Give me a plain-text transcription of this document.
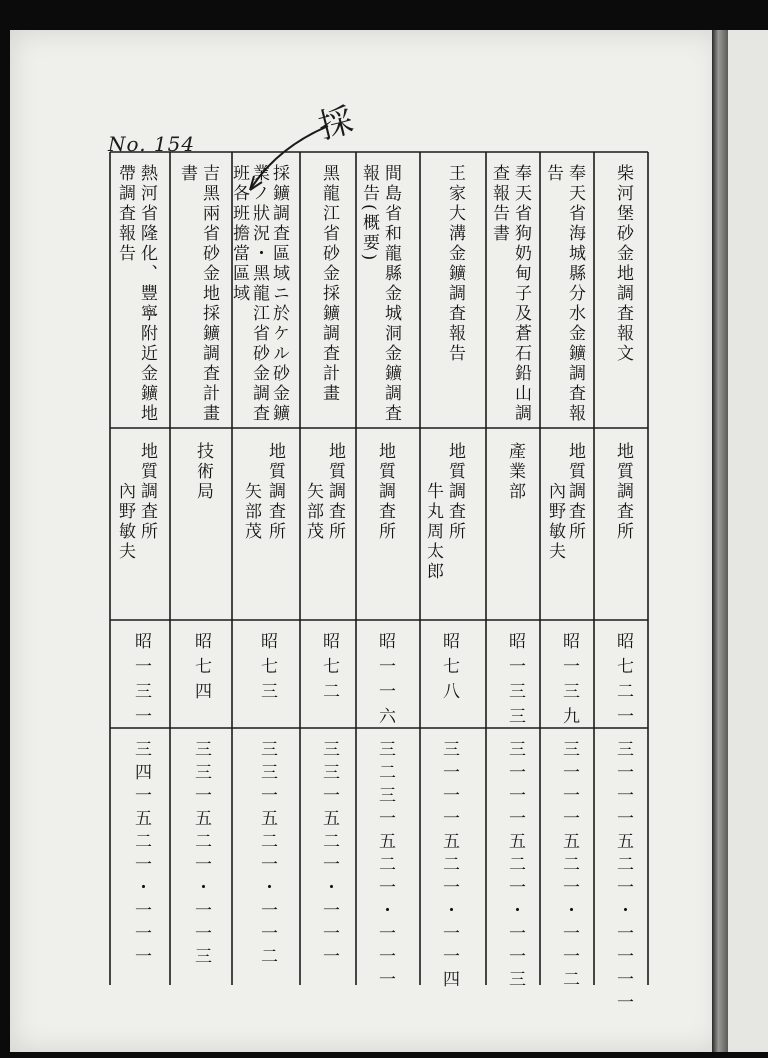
No. 154	採
柴河堡砂金地調査報文
地質調査所
昭七二一
三一一一五二一・一一一一
奉天省海城縣分水金鑛調査報
告
地質調査所
內野敏夫
昭一三九
三一一一五二一・一一二
奉天省狗奶甸子及蒼石鉛山調
查報告書
產業部
昭一三三
三一一一五二一・一一三
王家大溝金鑛調査報告
地質調査所
牛丸周太郎
昭七八
三一一一五二一・一一四
間島省和龍縣金城洞金鑛調査
報告(概要)
地質調査所
昭一一六
三二三一五二一・一一一
黑龍江省砂金採鑛調査計畫
地質調査所
矢部茂
昭七二
三三一五二一・一一一
採鑛調査區域ニ於ケル砂金鑛
業ノ狀況・黑龍江省砂金調査
班各班擔當區域
地質調査所
矢部茂
昭七三
三三一五二一・一一二
吉黑兩省砂金地採鑛調査計畫
書
技術局
昭七四
三三一五二一・一一三
熱河省隆化、豐寧附近金鑛地
帶調査報告
地質調査所
內野敏夫
昭一三一
三四一五二一・一一一
